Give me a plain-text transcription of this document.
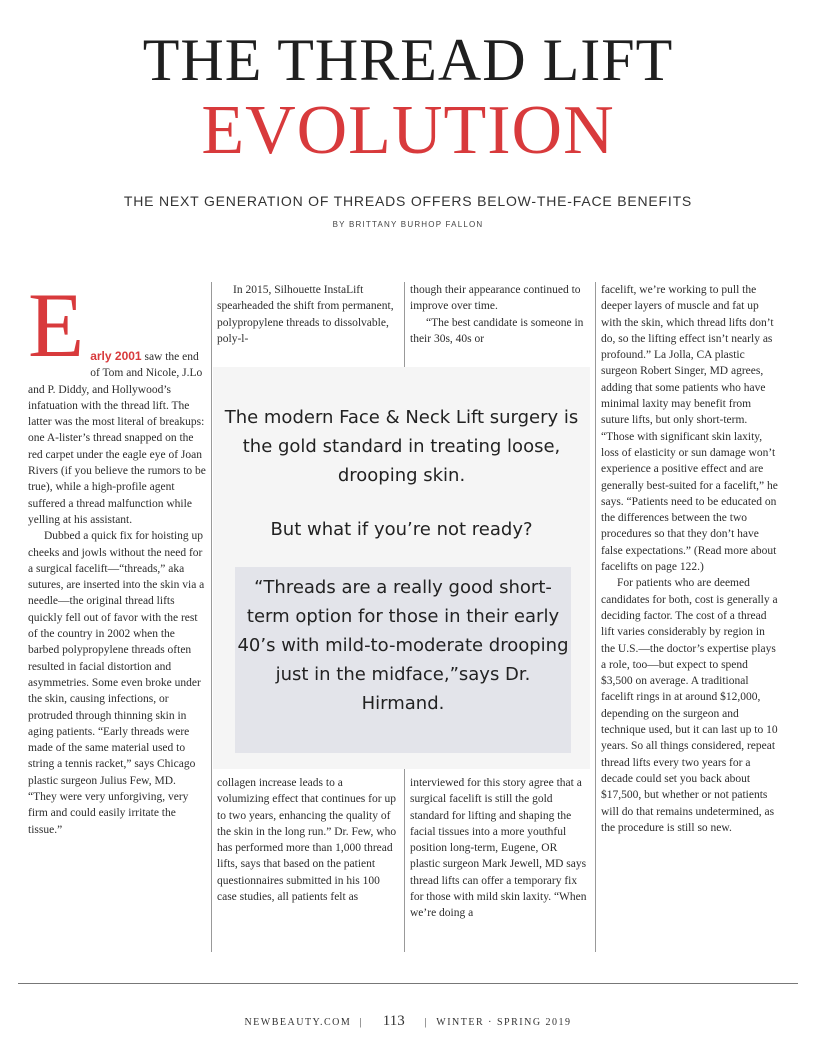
THE THREAD LIFT
EVOLUTION
THE NEXT GENERATION OF THREADS OFFERS BELOW-THE-FACE BENEFITS
BY BRITTANY BURHOP FALLON
E arly 2001 saw the end of Tom and Nicole, J.Lo and P. Diddy, and Hollywood’s infatuation with the thread lift. The latter was the most literal of breakups: one A-lister’s thread snapped on the red carpet under the eagle eye of Joan Rivers (if you believe the rumors to be true), while a high-profile agent suffered a thread malfunction while yelling at his assistant.

Dubbed a quick fix for hoisting up cheeks and jowls without the need for a surgical facelift—“threads,” aka sutures, are inserted into the skin via a needle—the original thread lifts quickly fell out of favor with the rest of the country in 2002 when the barbed polypropylene threads often resulted in facial distortion and asymmetries. Some even broke under the skin, causing infections, or protruded through thinning skin in aging patients. “Early threads were made of the same material used to string a tennis racket,” says Chicago plastic surgeon Julius Few, MD. “They were very unforgiving, very firm and could easily irritate the tissue.”

In 2015, Silhouette InstaLift spearheaded the shift from permanent, polypropylene threads to dissolvable, poly-l-

collagen increase leads to a volumizing effect that continues for up to two years, enhancing the quality of the skin in the long run.” Dr. Few, who has performed more than 1,000 thread lifts, says that based on the patient questionnaires submitted in his 100 case studies, all patients felt as

though their appearance continued to improve over time.

“The best candidate is someone in their 30s, 40s or

interviewed for this story agree that a surgical facelift is still the gold standard for lifting and shaping the facial tissues into a more youthful position long-term, Eugene, OR plastic surgeon Mark Jewell, MD says thread lifts can offer a temporary fix for those with mild skin laxity. “When we’re doing a

facelift, we’re working to pull the deeper layers of muscle and fat up with the skin, which thread lifts don’t do, so the lifting effect isn’t nearly as profound.” La Jolla, CA plastic surgeon Robert Singer, MD agrees, adding that some patients who have minimal laxity may benefit from suture lifts, but only short-term. “Those with significant skin laxity, loss of elasticity or sun damage won’t experience a positive effect and are generally best-suited for a facelift,” he says. “Patients need to be educated on the differences between the two procedures so that they don’t have false expectations.” (Read more about facelifts on page 122.)

For patients who are deemed candidates for both, cost is generally a deciding factor. The cost of a thread lift varies considerably by region in the U.S.—the doctor’s expertise plays a role, too—but expect to spend $3,500 on average. A traditional facelift rings in at around $12,000, depending on the surgeon and technique used, but it can last up to 10 years. So all things considered, repeat thread lifts every two years for a decade could set you back about $17,500, but whether or not patients will do that remains undetermined, as the procedure is still so new.

The modern Face & Neck Lift surgery is the gold standard in treating loose, drooping skin.
But what if you’re not ready?
“Threads are a really good short-term option for those in their early 40’s with mild-to-moderate drooping just in the midface,”says Dr. Hirmand.
NEWBEAUTY.COM | 113 | WINTER · SPRING 2019
